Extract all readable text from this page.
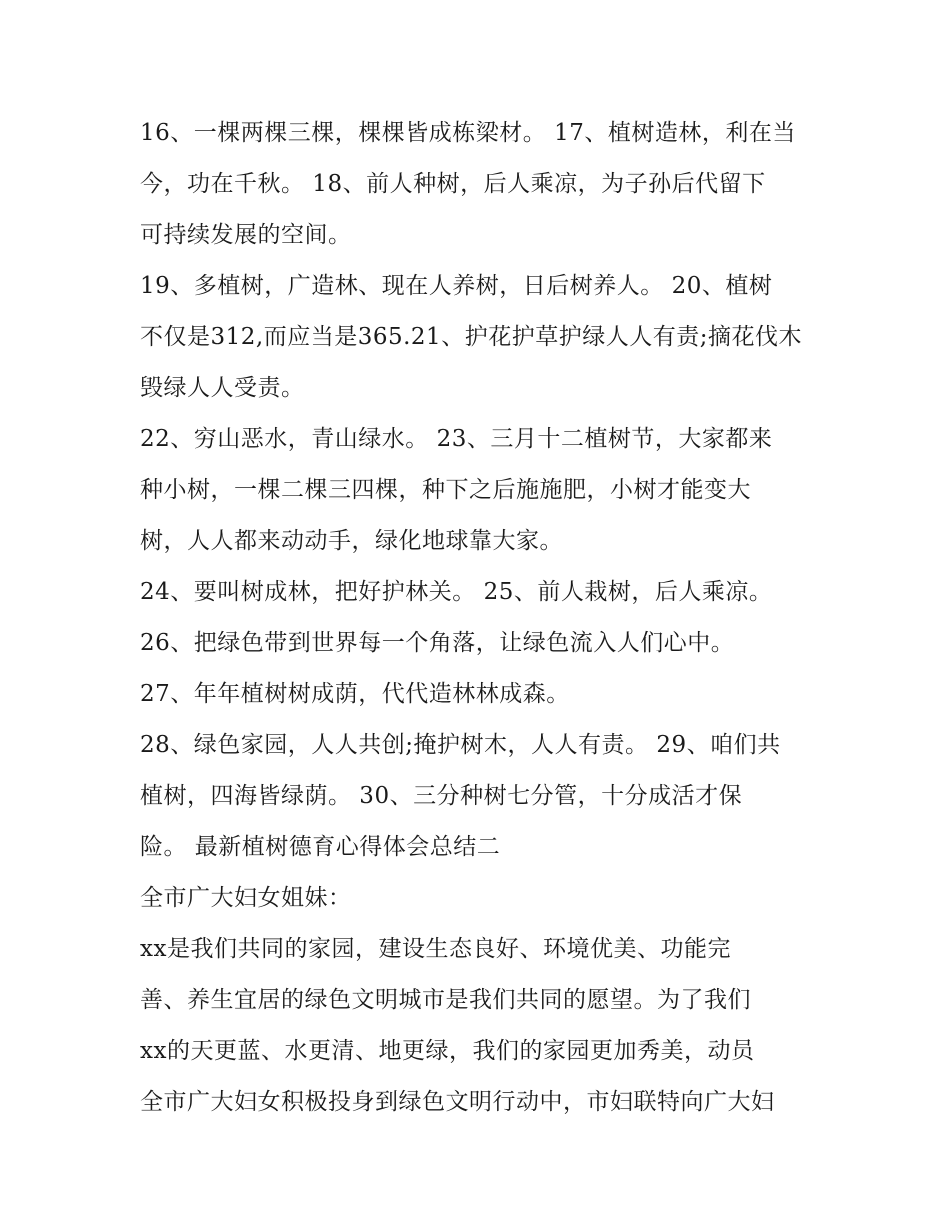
16、一棵两棵三棵，棵棵皆成栋梁材。 17、植树造林，利在当
今，功在千秋。 18、前人种树，后人乘凉，为子孙后代留下
可持续发展的空间。
19、多植树，广造林、现在人养树，日后树养人。 20、植树
不仅是312,而应当是365.21、护花护草护绿人人有责;摘花伐木
毁绿人人受责。
22、穷山恶水，青山绿水。 23、三月十二植树节，大家都来
种小树，一棵二棵三四棵，种下之后施施肥，小树才能变大
树，人人都来动动手，绿化地球靠大家。
24、要叫树成林，把好护林关。 25、前人栽树，后人乘凉。
26、把绿色带到世界每一个角落，让绿色流入人们心中。
27、年年植树树成荫，代代造林林成森。
28、绿色家园，人人共创;掩护树木，人人有责。 29、咱们共
植树，四海皆绿荫。 30、三分种树七分管，十分成活才保
险。 最新植树德育心得体会总结二
全市广大妇女姐妹：
xx是我们共同的家园，建设生态良好、环境优美、功能完
善、养生宜居的绿色文明城市是我们共同的愿望。为了我们
xx的天更蓝、水更清、地更绿，我们的家园更加秀美，动员
全市广大妇女积极投身到绿色文明行动中，市妇联特向广大妇
